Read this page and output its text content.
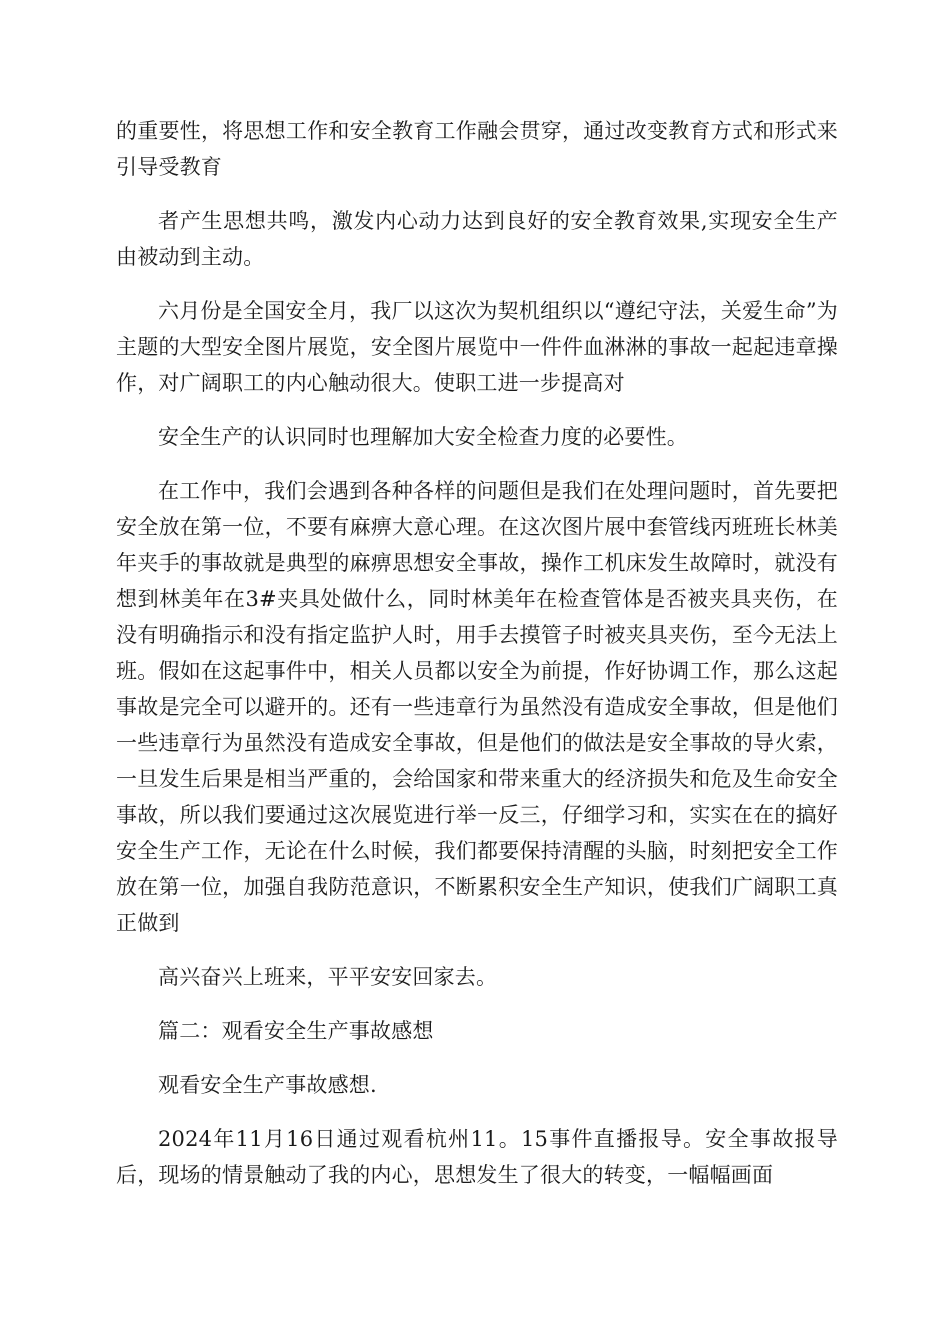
的重要性，将思想工作和安全教育工作融会贯穿，通过改变教育方式和形式来引导受教育

者产生思想共鸣，激发内心动力达到良好的安全教育效果,实现安全生产由被动到主动。

六月份是全国安全月，我厂以这次为契机组织以“遵纪守法，关爱生命”为主题的大型安全图片展览，安全图片展览中一件件血淋淋的事故一起起违章操作，对广阔职工的内心触动很大。使职工进一步提高对

安全生产的认识同时也理解加大安全检查力度的必要性。

在工作中，我们会遇到各种各样的问题但是我们在处理问题时，首先要把安全放在第一位，不要有麻痹大意心理。在这次图片展中套管线丙班班长林美年夹手的事故就是典型的麻痹思想安全事故，操作工机床发生故障时，就没有想到林美年在3#夹具处做什么，同时林美年在检查管体是否被夹具夹伤，在没有明确指示和没有指定监护人时，用手去摸管子时被夹具夹伤，至今无法上班。假如在这起事件中，相关人员都以安全为前提，作好协调工作，那么这起事故是完全可以避开的。还有一些违章行为虽然没有造成安全事故，但是他们一些违章行为虽然没有造成安全事故，但是他们的做法是安全事故的导火索，一旦发生后果是相当严重的，会给国家和带来重大的经济损失和危及生命安全事故，所以我们要通过这次展览进行举一反三，仔细学习和，实实在在的搞好安全生产工作，无论在什么时候，我们都要保持清醒的头脑，时刻把安全工作放在第一位，加强自我防范意识，不断累积安全生产知识，使我们广阔职工真正做到

高兴奋兴上班来，平平安安回家去。

篇二：观看安全生产事故感想

观看安全生产事故感想.

2024年11月16日通过观看杭州11。15事件直播报导。安全事故报导后，现场的情景触动了我的内心，思想发生了很大的转变，一幅幅画面
